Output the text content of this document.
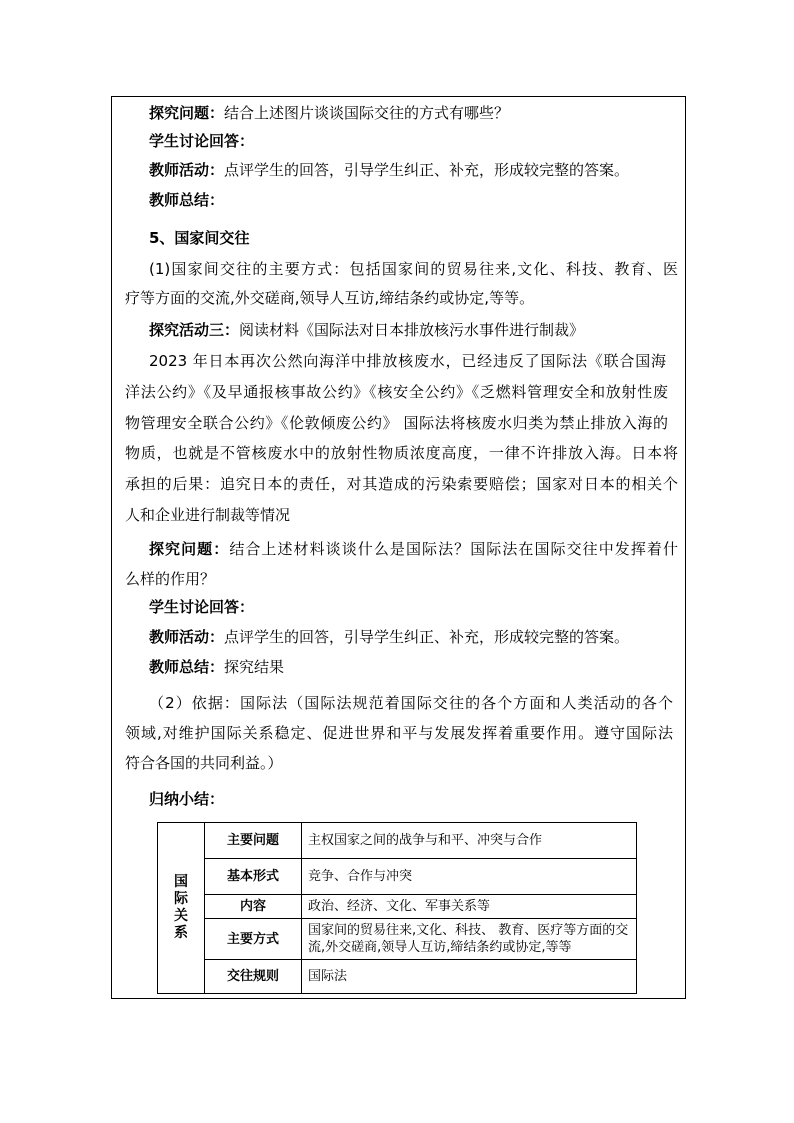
探究问题：结合上述图片谈谈国际交往的方式有哪些？
学生讨论回答：
教师活动：点评学生的回答，引导学生纠正、补充，形成较完整的答案。
教师总结：
5、国家间交往
(1)国家间交往的主要方式：包括国家间的贸易往来,文化、科技、教育、医
疗等方面的交流,外交磋商,领导人互访,缔结条约或协定,等等。
探究活动三：阅读材料《国际法对日本排放核污水事件进行制裁》
2023 年日本再次公然向海洋中排放核废水，已经违反了国际法《联合国海
洋法公约》《及早通报核事故公约》《核安全公约》《乏燃料管理安全和放射性废
物管理安全联合公约》《伦敦倾废公约》 国际法将核废水归类为禁止排放入海的
物质，也就是不管核废水中的放射性物质浓度高度，一律不许排放入海。日本将
承担的后果：追究日本的责任，对其造成的污染索要赔偿；国家对日本的相关个
人和企业进行制裁等情况
探究问题：结合上述材料谈谈什么是国际法？国际法在国际交往中发挥着什
么样的作用？
学生讨论回答：
教师活动：点评学生的回答，引导学生纠正、补充，形成较完整的答案。
教师总结：探究结果
（2）依据：国际法（国际法规范着国际交往的各个方面和人类活动的各个
领域,对维护国际关系稳定、促进世界和平与发展发挥着重要作用。遵守国际法
符合各国的共同利益。）
归纳小结：
国际关系	主要问题	主权国家之间的战争与和平、冲突与合作
	基本形式	竞争、合作与冲突
	内容	政治、经济、文化、军事关系等
	主要方式	国家间的贸易往来,文化、科技、 教育、医疗等方面的交流,外交磋商,领导人互访,缔结条约或协定,等等
	交往规则	国际法
